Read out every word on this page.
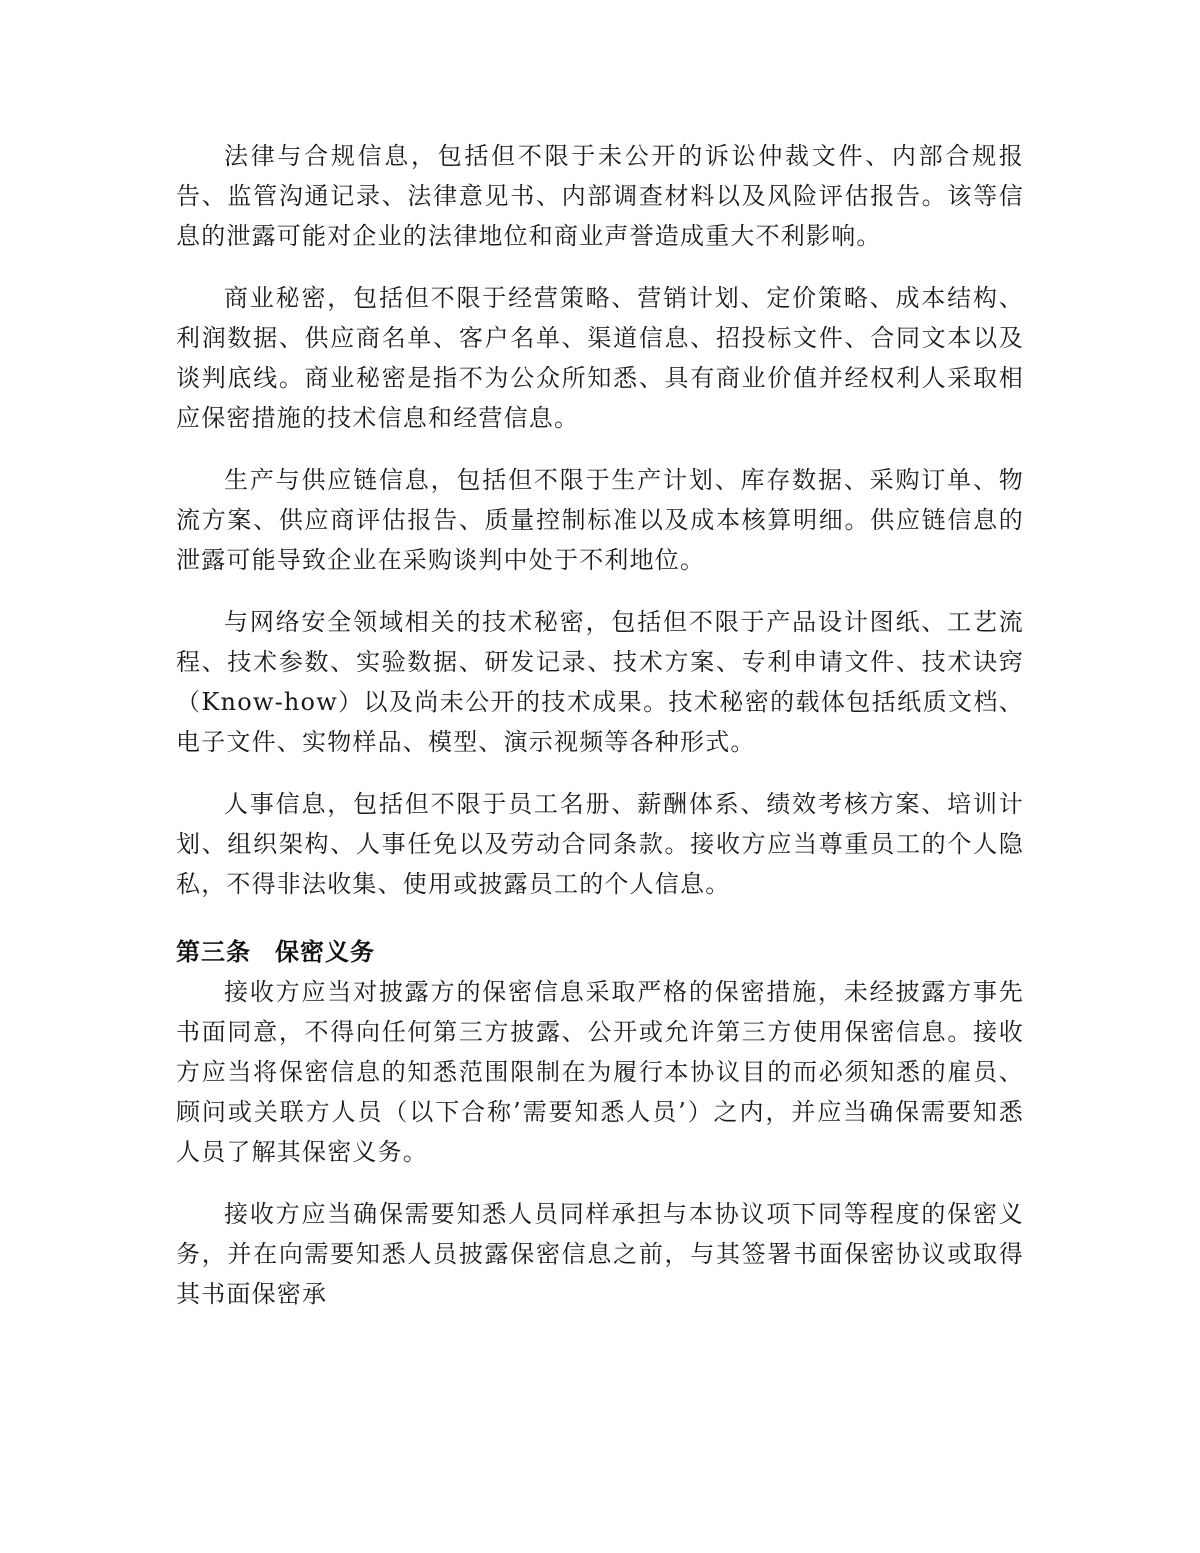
法律与合规信息，包括但不限于未公开的诉讼仲裁文件、内部合规报告、监管沟通记录、法律意见书、内部调查材料以及风险评估报告。该等信息的泄露可能对企业的法律地位和商业声誉造成重大不利影响。

商业秘密，包括但不限于经营策略、营销计划、定价策略、成本结构、利润数据、供应商名单、客户名单、渠道信息、招投标文件、合同文本以及谈判底线。商业秘密是指不为公众所知悉、具有商业价值并经权利人采取相应保密措施的技术信息和经营信息。

生产与供应链信息，包括但不限于生产计划、库存数据、采购订单、物流方案、供应商评估报告、质量控制标准以及成本核算明细。供应链信息的泄露可能导致企业在采购谈判中处于不利地位。

与网络安全领域相关的技术秘密，包括但不限于产品设计图纸、工艺流程、技术参数、实验数据、研发记录、技术方案、专利申请文件、技术诀窍（Know-how）以及尚未公开的技术成果。技术秘密的载体包括纸质文档、电子文件、实物样品、模型、演示视频等各种形式。

人事信息，包括但不限于员工名册、薪酬体系、绩效考核方案、培训计划、组织架构、人事任免以及劳动合同条款。接收方应当尊重员工的个人隐私，不得非法收集、使用或披露员工的个人信息。

第三条 保密义务

接收方应当对披露方的保密信息采取严格的保密措施，未经披露方事先书面同意，不得向任何第三方披露、公开或允许第三方使用保密信息。接收方应当将保密信息的知悉范围限制在为履行本协议目的而必须知悉的雇员、顾问或关联方人员（以下合称’需要知悉人员’）之内，并应当确保需要知悉人员了解其保密义务。

接收方应当确保需要知悉人员同样承担与本协议项下同等程度的保密义务，并在向需要知悉人员披露保密信息之前，与其签署书面保密协议或取得其书面保密承
